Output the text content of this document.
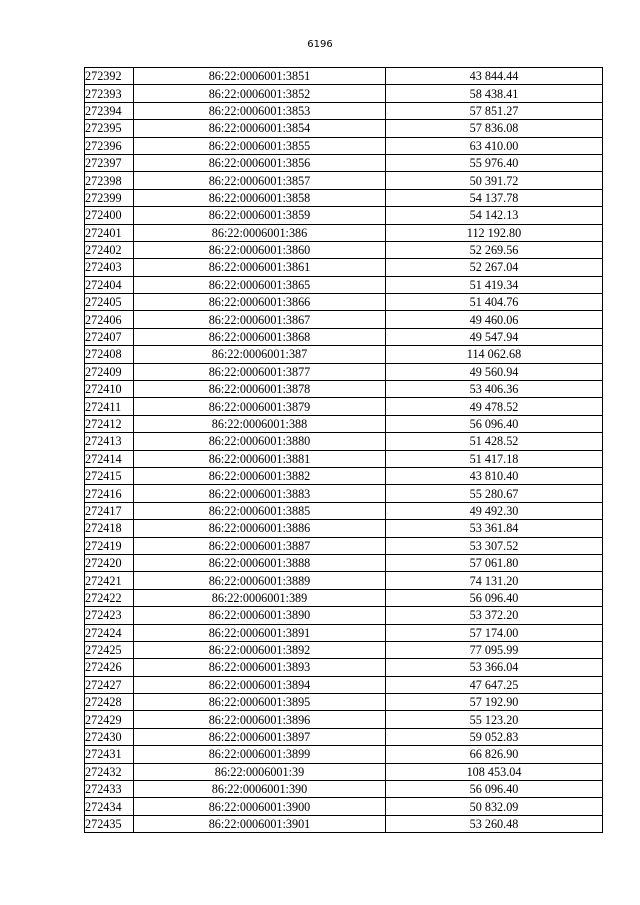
6196
272392	86:22:0006001:3851	43 844.44
272393	86:22:0006001:3852	58 438.41
272394	86:22:0006001:3853	57 851.27
272395	86:22:0006001:3854	57 836.08
272396	86:22:0006001:3855	63 410.00
272397	86:22:0006001:3856	55 976.40
272398	86:22:0006001:3857	50 391.72
272399	86:22:0006001:3858	54 137.78
272400	86:22:0006001:3859	54 142.13
272401	86:22:0006001:386	112 192.80
272402	86:22:0006001:3860	52 269.56
272403	86:22:0006001:3861	52 267.04
272404	86:22:0006001:3865	51 419.34
272405	86:22:0006001:3866	51 404.76
272406	86:22:0006001:3867	49 460.06
272407	86:22:0006001:3868	49 547.94
272408	86:22:0006001:387	114 062.68
272409	86:22:0006001:3877	49 560.94
272410	86:22:0006001:3878	53 406.36
272411	86:22:0006001:3879	49 478.52
272412	86:22:0006001:388	56 096.40
272413	86:22:0006001:3880	51 428.52
272414	86:22:0006001:3881	51 417.18
272415	86:22:0006001:3882	43 810.40
272416	86:22:0006001:3883	55 280.67
272417	86:22:0006001:3885	49 492.30
272418	86:22:0006001:3886	53 361.84
272419	86:22:0006001:3887	53 307.52
272420	86:22:0006001:3888	57 061.80
272421	86:22:0006001:3889	74 131.20
272422	86:22:0006001:389	56 096.40
272423	86:22:0006001:3890	53 372.20
272424	86:22:0006001:3891	57 174.00
272425	86:22:0006001:3892	77 095.99
272426	86:22:0006001:3893	53 366.04
272427	86:22:0006001:3894	47 647.25
272428	86:22:0006001:3895	57 192.90
272429	86:22:0006001:3896	55 123.20
272430	86:22:0006001:3897	59 052.83
272431	86:22:0006001:3899	66 826.90
272432	86:22:0006001:39	108 453.04
272433	86:22:0006001:390	56 096.40
272434	86:22:0006001:3900	50 832.09
272435	86:22:0006001:3901	53 260.48
